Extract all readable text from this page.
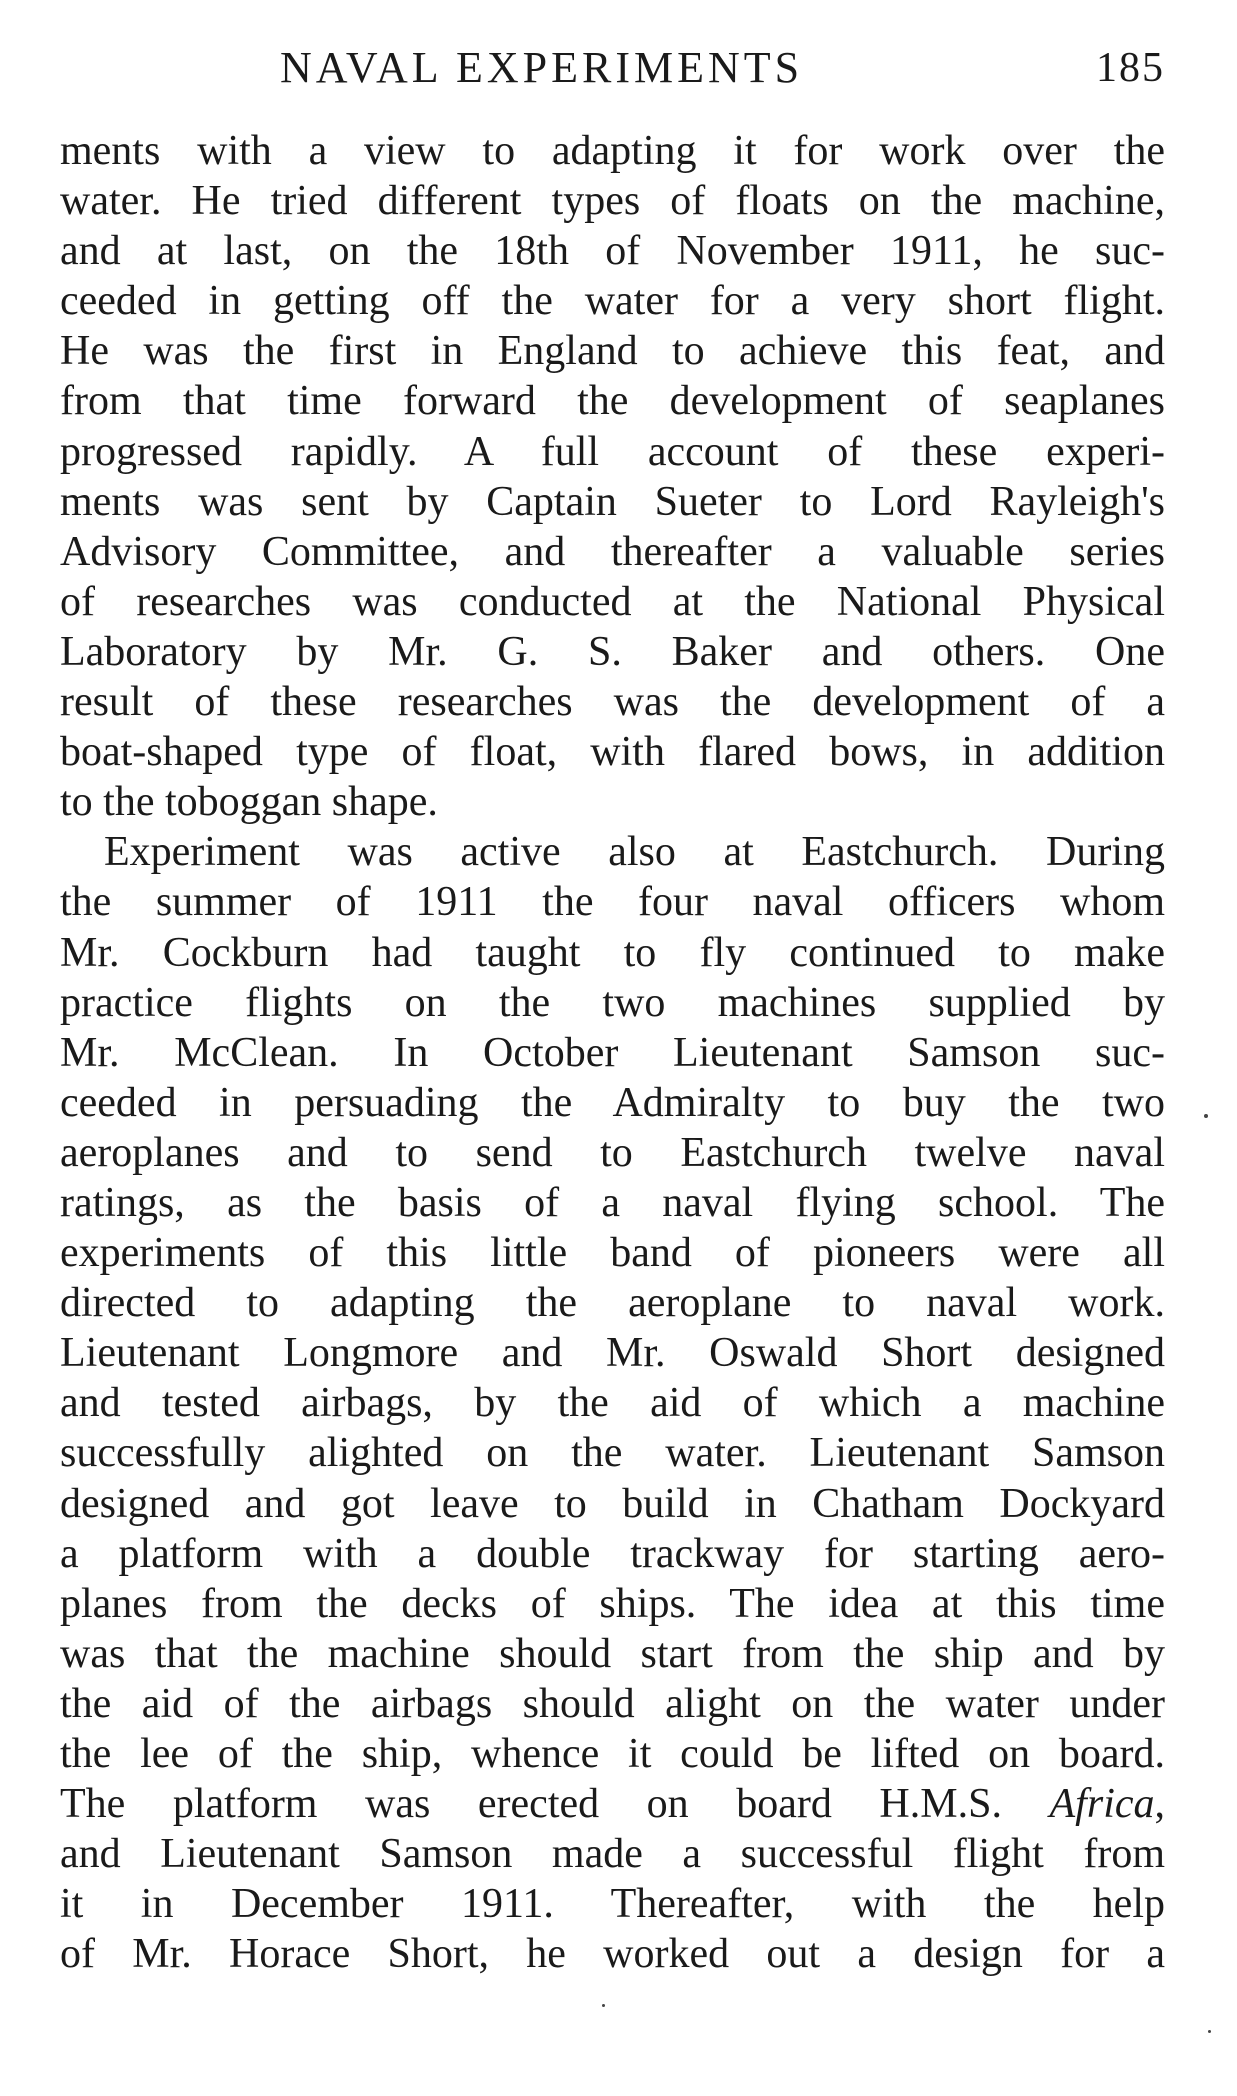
NAVAL EXPERIMENTS	185
ments with a view to adapting it for work over the
water. He tried different types of floats on the machine,
and at last, on the 18th of November 1911, he suc-
ceeded in getting off the water for a very short flight.
He was the first in England to achieve this feat, and
from that time forward the development of seaplanes
progressed rapidly. A full account of these experi-
ments was sent by Captain Sueter to Lord Rayleigh's
Advisory Committee, and thereafter a valuable series
of researches was conducted at the National Physical
Laboratory by Mr. G. S. Baker and others. One
result of these researches was the development of a
boat-shaped type of float, with flared bows, in addition
to the toboggan shape.
Experiment was active also at Eastchurch. During
the summer of 1911 the four naval officers whom
Mr. Cockburn had taught to fly continued to make
practice flights on the two machines supplied by
Mr. McClean. In October Lieutenant Samson suc-
ceeded in persuading the Admiralty to buy the two
aeroplanes and to send to Eastchurch twelve naval
ratings, as the basis of a naval flying school. The
experiments of this little band of pioneers were all
directed to adapting the aeroplane to naval work.
Lieutenant Longmore and Mr. Oswald Short designed
and tested airbags, by the aid of which a machine
successfully alighted on the water. Lieutenant Samson
designed and got leave to build in Chatham Dockyard
a platform with a double trackway for starting aero-
planes from the decks of ships. The idea at this time
was that the machine should start from the ship and by
the aid of the airbags should alight on the water under
the lee of the ship, whence it could be lifted on board.
The platform was erected on board H.M.S. Africa,
and Lieutenant Samson made a successful flight from
it in December 1911. Thereafter, with the help
of Mr. Horace Short, he worked out a design for a
